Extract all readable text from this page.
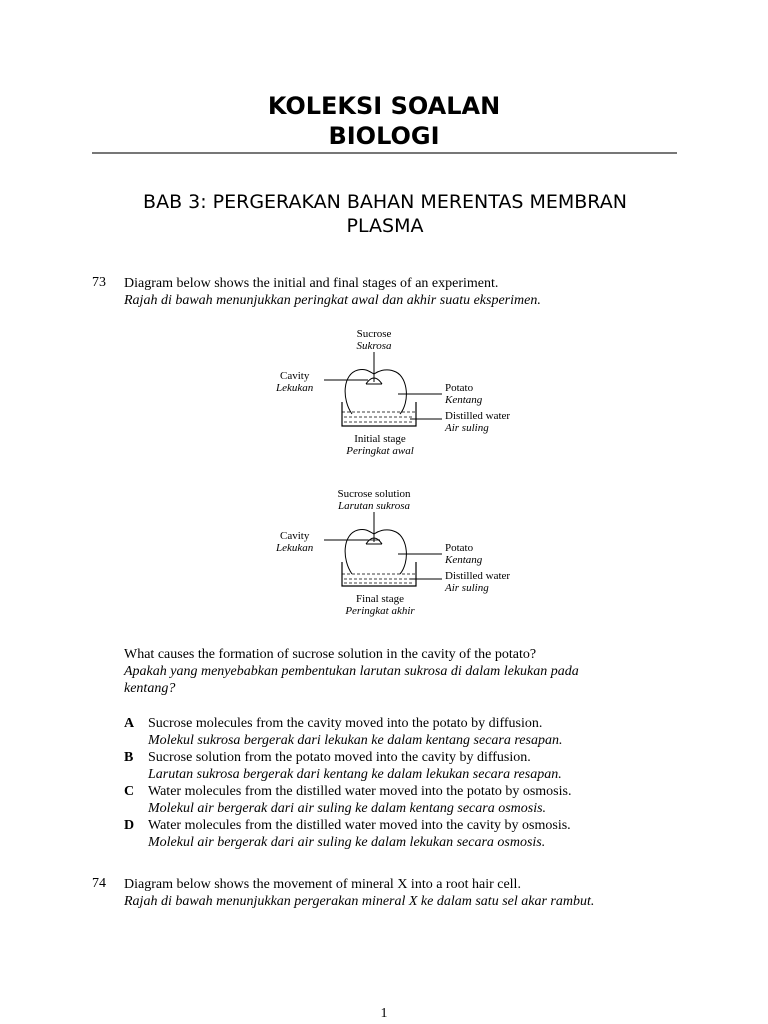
KOLEKSI SOALAN
BIOLOGI
BAB 3: PERGERAKAN BAHAN MERENTAS MEMBRAN
PLASMA
73 Diagram below shows the initial and final stages of an experiment.
Rajah di bawah menunjukkan peringkat awal dan akhir suatu eksperimen.
Sucrose
Sukrosa
Cavity
Lekukan	Potato
Kentang
Distilled water
Air suling
Initial stage
Peringkat awal
Sucrose solution
Larutan sukrosa
Cavity
Lekukan	Potato
Kentang
Distilled water
Air suling
Final stage
Peringkat akhir
What causes the formation of sucrose solution in the cavity of the potato?
Apakah yang menyebabkan pembentukan larutan sukrosa di dalam lekukan pada
kentang?
A Sucrose molecules from the cavity moved into the potato by diffusion.
Molekul sukrosa bergerak dari lekukan ke dalam kentang secara resapan.
B Sucrose solution from the potato moved into the cavity by diffusion.
Larutan sukrosa bergerak dari kentang ke dalam lekukan secara resapan.
C Water molecules from the distilled water moved into the potato by osmosis.
Molekul air bergerak dari air suling ke dalam kentang secara osmosis.
D Water molecules from the distilled water moved into the cavity by osmosis.
Molekul air bergerak dari air suling ke dalam lekukan secara osmosis.
74 Diagram below shows the movement of mineral X into a root hair cell.
Rajah di bawah menunjukkan pergerakan mineral X ke dalam satu sel akar rambut.
1
